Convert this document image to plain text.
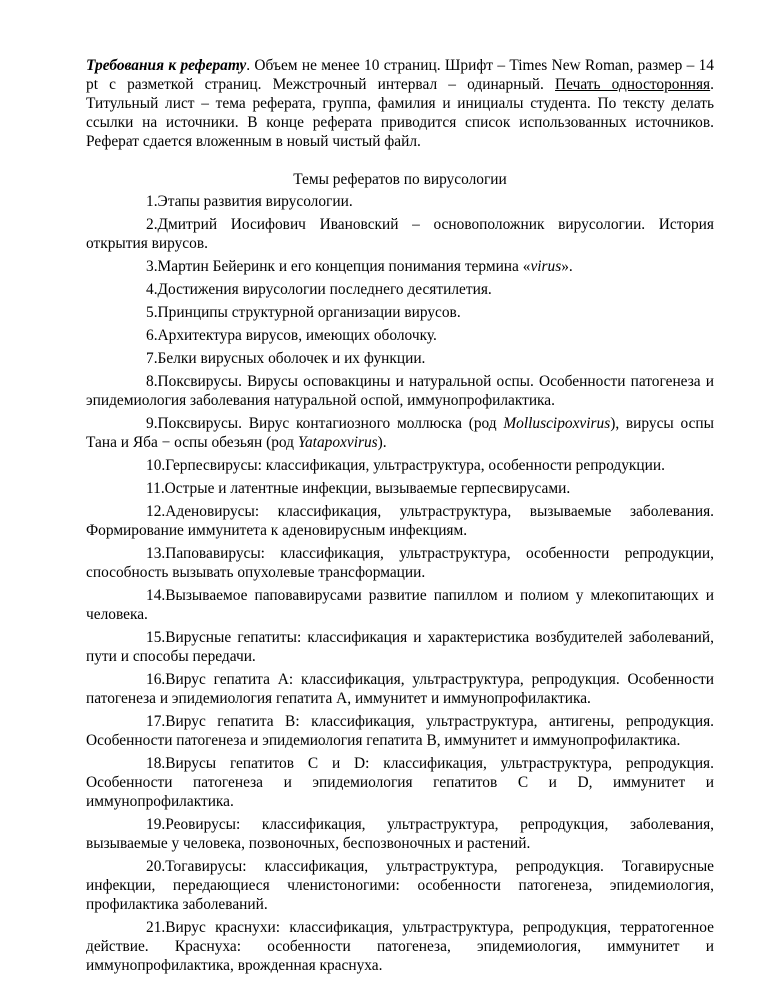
Требования к реферату. Объем не менее 10 страниц. Шрифт – Times New Roman, размер – 14 pt с разметкой страниц. Межстрочный интервал – одинарный. Печать односторонняя. Титульный лист – тема реферата, группа, фамилия и инициалы студента. По тексту делать ссылки на источники. В конце реферата приводится список использованных источников. Реферат сдается вложенным в новый чистый файл.

Темы рефератов по вирусологии
1.Этапы развития вирусологии.
2.Дмитрий Иосифович Ивановский – основоположник вирусологии. История открытия вирусов.
3.Мартин Бейеринк и его концепция понимания термина «virus».
4.Достижения вирусологии последнего десятилетия.
5.Принципы структурной организации вирусов.
6.Архитектура вирусов, имеющих оболочку.
7.Белки вирусных оболочек и их функции.
8.Поксвирусы. Вирусы осповакцины и натуральной оспы. Особенности патогенеза и эпидемиология заболевания натуральной оспой, иммунопрофилактика.
9.Поксвирусы. Вирус контагиозного моллюска (род Molluscipoxvirus), вирусы оспы Тана и Яба − оспы обезьян (род Yatapoxvirus).
10.Герпесвирусы: классификация, ультраструктура, особенности репродукции.
11.Острые и латентные инфекции, вызываемые герпесвирусами.
12.Аденовирусы: классификация, ультраструктура, вызываемые заболевания. Формирование иммунитета к аденовирусным инфекциям.
13.Паповавирусы: классификация, ультраструктура, особенности репродукции, способность вызывать опухолевые трансформации.
14.Вызываемое паповавирусами развитие папиллом и полиом у млекопитающих и человека.
15.Вирусные гепатиты: классификация и характеристика возбудителей заболеваний, пути и способы передачи.
16.Вирус гепатита А: классификация, ультраструктура, репродукция. Особенности патогенеза и эпидемиология гепатита А, иммунитет и иммунопрофилактика.
17.Вирус гепатита В: классификация, ультраструктура, антигены, репродукция. Особенности патогенеза и эпидемиология гепатита В, иммунитет и иммунопрофилактика.
18.Вирусы гепатитов С и D: классификация, ультраструктура, репродукция. Особенности патогенеза и эпидемиология гепатитов С и D, иммунитет и иммунопрофилактика.
19.Реовирусы: классификация, ультраструктура, репродукция, заболевания, вызываемые у человека, позвоночных, беспозвоночных и растений.
20.Тогавирусы: классификация, ультраструктура, репродукция. Тогавирусные инфекции, передающиеся членистоногими: особенности патогенеза, эпидемиология, профилактика заболеваний.
21.Вирус краснухи: классификация, ультраструктура, репродукция, терратогенное действие. Краснуха: особенности патогенеза, эпидемиология, иммунитет и иммунопрофилактика, врожденная краснуха.
